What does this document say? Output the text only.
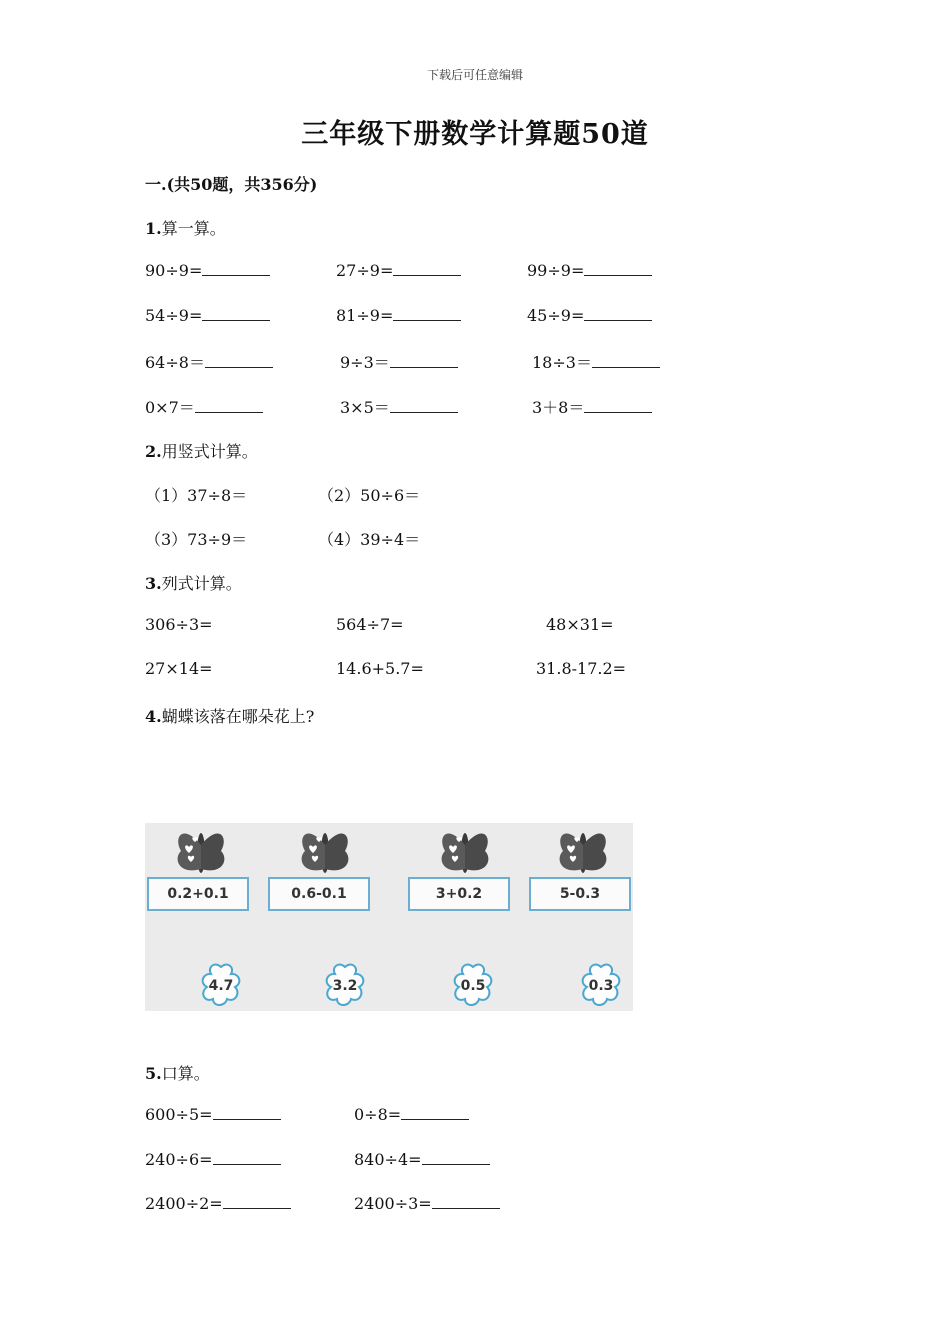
下载后可任意编辑
三年级下册数学计算题50道
一.(共50题，共356分)
1.算一算。
90÷9=	27÷9=	99÷9=
54÷9=	81÷9=	45÷9=
64÷8＝	9÷3＝	18÷3＝
0×7＝	3×5＝	3＋8＝
2.用竖式计算。
（1）37÷8＝	（2）50÷6＝
（3）73÷9＝	（4）39÷4＝
3.列式计算。
306÷3=	564÷7=	48×31=
27×14=	14.6+5.7=	31.8-17.2=
4.蝴蝶该落在哪朵花上?
0.2+0.1	0.6-0.1	3+0.2	5-0.3
4.7	3.2	0.5	0.3
5.口算。
600÷5=	0÷8=
240÷6=	840÷4=
2400÷2=	2400÷3=
